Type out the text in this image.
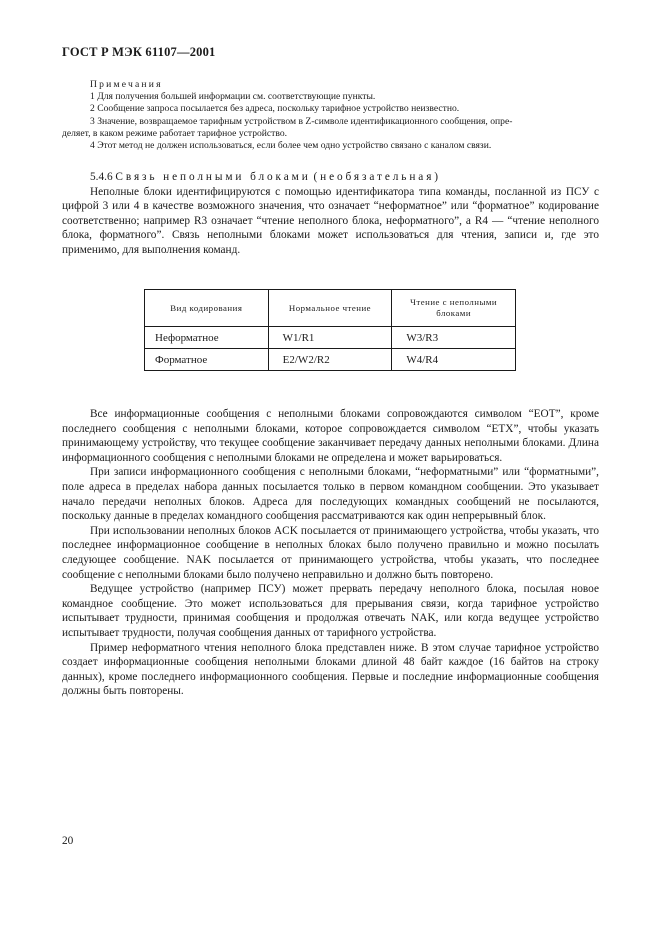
ГОСТ Р МЭК 61107—2001
Примечания
1 Для получения большей информации см. соответствующие пункты.
2 Сообщение запроса посылается без адреса, поскольку тарифное устройство неизвестно.
3 Значение, возвращаемое тарифным устройством в Z-символе идентификационного сообщения, опре-
деляет, в каком режиме работает тарифное устройство.
4 Этот метод не должен использоваться, если более чем одно устройство связано с каналом связи.

5.4.6 Связь неполными блоками (необязательная)

Неполные блоки идентифицируются с помощью идентификатора типа команды, посланной из ПСУ с цифрой 3 или 4 в качестве возможного значения, что означает “неформатное” или “форматное” кодирование соответственно; например R3 означает “чтение неполного блока, неформатного”, а R4 — “чтение неполного блока, форматного”. Связь неполными блоками может использоваться для чтения, записи и, где это применимо, для выполнения команд.

Вид кодирования	Нормальное чтение	Чтение с неполными блоками
Неформатное	W1/R1	W3/R3
Форматное	E2/W2/R2	W4/R4

Все информационные сообщения с неполными блоками сопровождаются символом “EOT”, кроме последнего сообщения с неполными блоками, которое сопровождается символом “ETX”, чтобы указать принимающему устройству, что текущее сообщение заканчивает передачу данных неполными блоками. Длина информационного сообщения с неполными блоками не определена и может варьироваться.

При записи информационного сообщения с неполными блоками, “неформатными” или “форматными”, поле адреса в пределах набора данных посылается только в первом командном сообщении. Это указывает начало передачи неполных блоков. Адреса для последующих командных сообщений не посылаются, поскольку данные в пределах командного сообщения рассматриваются как один непрерывный блок.

При использовании неполных блоков ACK посылается от принимающего устройства, чтобы указать, что последнее информационное сообщение в неполных блоках было получено правильно и можно посылать следующее сообщение. NAK посылается от принимающего устройства, чтобы указать, что последнее сообщение с неполными блоками было получено неправильно и должно быть повторено.

Ведущее устройство (например ПСУ) может прервать передачу неполного блока, посылая новое командное сообщение. Это может использоваться для прерывания связи, когда тарифное устройство испытывает трудности, принимая сообщения и продолжая отвечать NAK, или когда ведущее устройство испытывает трудности, получая сообщения данных от тарифного устройства.

Пример неформатного чтения неполного блока представлен ниже. В этом случае тарифное устройство создает информационные сообщения неполными блоками длиной 48 байт каждое (16 байтов на строку данных), кроме последнего информационного сообщения. Первые и последние информационные сообщения должны быть повторены.

20
